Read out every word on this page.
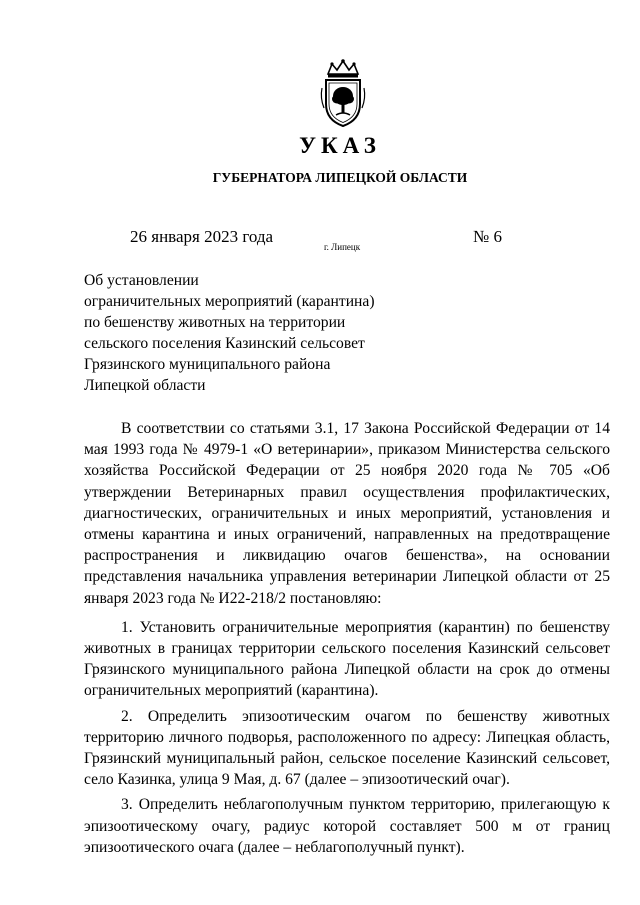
УКАЗ
ГУБЕРНАТОРА ЛИПЕЦКОЙ ОБЛАСТИ
26 января 2023 года
г. Липецк
№ 6
Об установлении
ограничительных мероприятий (карантина)
по бешенству животных на территории
сельского поселения Казинский сельсовет
Грязинского муниципального района
Липецкой области

В соответствии со статьями 3.1, 17 Закона Российской Федерации от 14 мая 1993 года № 4979-1 «О ветеринарии», приказом Министерства сельского хозяйства Российской Федерации от 25 ноября 2020 года № 705 «Об утверждении Ветеринарных правил осуществления профилактических, диагностических, ограничительных и иных мероприятий, установления и отмены карантина и иных ограничений, направленных на предотвращение распространения и ликвидацию очагов бешенства», на основании представления начальника управления ветеринарии Липецкой области от 25 января 2023 года № И22-218/2 постановляю:

1. Установить ограничительные мероприятия (карантин) по бешенству животных в границах территории сельского поселения Казинский сельсовет Грязинского муниципального района Липецкой области на срок до отмены ограничительных мероприятий (карантина).

2. Определить эпизоотическим очагом по бешенству животных территорию личного подворья, расположенного по адресу: Липецкая область, Грязинский муниципальный район, сельское поселение Казинский сельсовет, село Казинка, улица 9 Мая, д. 67 (далее – эпизоотический очаг).

3. Определить неблагополучным пунктом территорию, прилегающую к эпизоотическому очагу, радиус которой составляет 500 м от границ эпизоотического очага (далее – неблагополучный пункт).
